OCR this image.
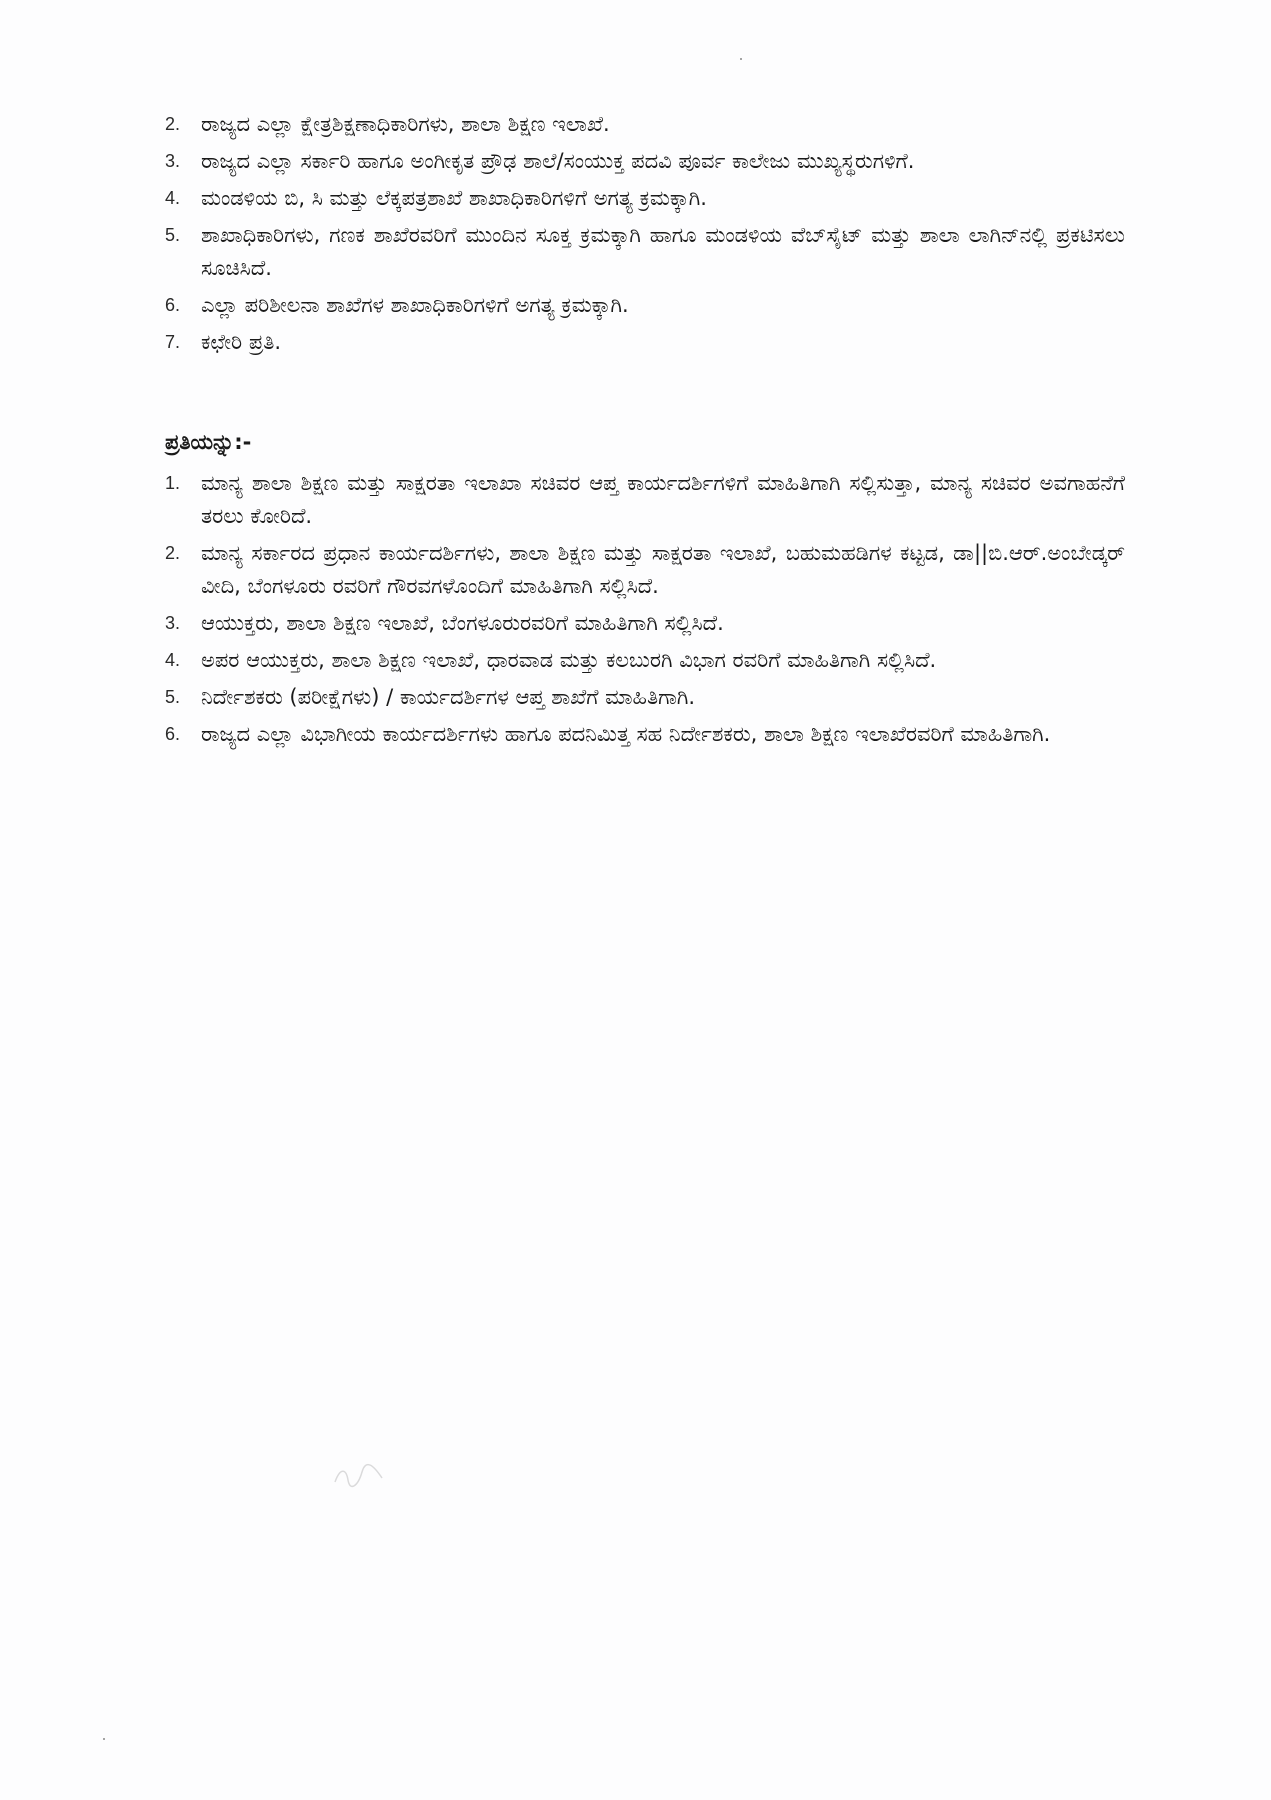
2. ರಾಜ್ಯದ ಎಲ್ಲಾ ಕ್ಷೇತ್ರಶಿಕ್ಷಣಾಧಿಕಾರಿಗಳು, ಶಾಲಾ ಶಿಕ್ಷಣ ಇಲಾಖೆ.
3. ರಾಜ್ಯದ ಎಲ್ಲಾ ಸರ್ಕಾರಿ ಹಾಗೂ ಅಂಗೀಕೃತ ಪ್ರೌಢ ಶಾಲೆ/ಸಂಯುಕ್ತ ಪದವಿ ಪೂರ್ವ ಕಾಲೇಜು ಮುಖ್ಯಸ್ಥರುಗಳಿಗೆ.
4. ಮಂಡಳಿಯ ಬಿ, ಸಿ ಮತ್ತು ಲೆಕ್ಕಪತ್ರಶಾಖೆ ಶಾಖಾಧಿಕಾರಿಗಳಿಗೆ ಅಗತ್ಯ ಕ್ರಮಕ್ಕಾಗಿ.
5. ಶಾಖಾಧಿಕಾರಿಗಳು, ಗಣಕ ಶಾಖೆರವರಿಗೆ ಮುಂದಿನ ಸೂಕ್ತ ಕ್ರಮಕ್ಕಾಗಿ ಹಾಗೂ ಮಂಡಳಿಯ ವೆಬ್‌ಸೈಟ್ ಮತ್ತು ಶಾಲಾ ಲಾಗಿನ್‌ನಲ್ಲಿ ಪ್ರಕಟಿಸಲು ಸೂಚಿಸಿದೆ.
6. ಎಲ್ಲಾ ಪರಿಶೀಲನಾ ಶಾಖೆಗಳ ಶಾಖಾಧಿಕಾರಿಗಳಿಗೆ ಅಗತ್ಯ ಕ್ರಮಕ್ಕಾಗಿ.
7. ಕಛೇರಿ ಪ್ರತಿ.
ಪ್ರತಿಯನ್ನು:-
1. ಮಾನ್ಯ ಶಾಲಾ ಶಿಕ್ಷಣ ಮತ್ತು ಸಾಕ್ಷರತಾ ಇಲಾಖಾ ಸಚಿವರ ಆಪ್ತ ಕಾರ್ಯದರ್ಶಿಗಳಿಗೆ ಮಾಹಿತಿಗಾಗಿ ಸಲ್ಲಿಸುತ್ತಾ, ಮಾನ್ಯ ಸಚಿವರ ಅವಗಾಹನೆಗೆ ತರಲು ಕೋರಿದೆ.
2. ಮಾನ್ಯ ಸರ್ಕಾರದ ಪ್ರಧಾನ ಕಾರ್ಯದರ್ಶಿಗಳು, ಶಾಲಾ ಶಿಕ್ಷಣ ಮತ್ತು ಸಾಕ್ಷರತಾ ಇಲಾಖೆ, ಬಹುಮಹಡಿಗಳ ಕಟ್ಟಡ, ಡಾ||ಬಿ.ಆರ್.ಅಂಬೇಡ್ಕರ್ ವೀದಿ, ಬೆಂಗಳೂರು ರವರಿಗೆ ಗೌರವಗಳೊಂದಿಗೆ ಮಾಹಿತಿಗಾಗಿ ಸಲ್ಲಿಸಿದೆ.
3. ಆಯುಕ್ತರು, ಶಾಲಾ ಶಿಕ್ಷಣ ಇಲಾಖೆ, ಬೆಂಗಳೂರುರವರಿಗೆ ಮಾಹಿತಿಗಾಗಿ ಸಲ್ಲಿಸಿದೆ.
4. ಅಪರ ಆಯುಕ್ತರು, ಶಾಲಾ ಶಿಕ್ಷಣ ಇಲಾಖೆ, ಧಾರವಾಡ ಮತ್ತು ಕಲಬುರಗಿ ವಿಭಾಗ ರವರಿಗೆ ಮಾಹಿತಿಗಾಗಿ ಸಲ್ಲಿಸಿದೆ.
5. ನಿರ್ದೇಶಕರು (ಪರೀಕ್ಷೆಗಳು) / ಕಾರ್ಯದರ್ಶಿಗಳ ಆಪ್ತ ಶಾಖೆಗೆ ಮಾಹಿತಿಗಾಗಿ.
6. ರಾಜ್ಯದ ಎಲ್ಲಾ ವಿಭಾಗೀಯ ಕಾರ್ಯದರ್ಶಿಗಳು ಹಾಗೂ ಪದನಿಮಿತ್ತ ಸಹ ನಿರ್ದೇಶಕರು, ಶಾಲಾ ಶಿಕ್ಷಣ ಇಲಾಖೆರವರಿಗೆ ಮಾಹಿತಿಗಾಗಿ.
